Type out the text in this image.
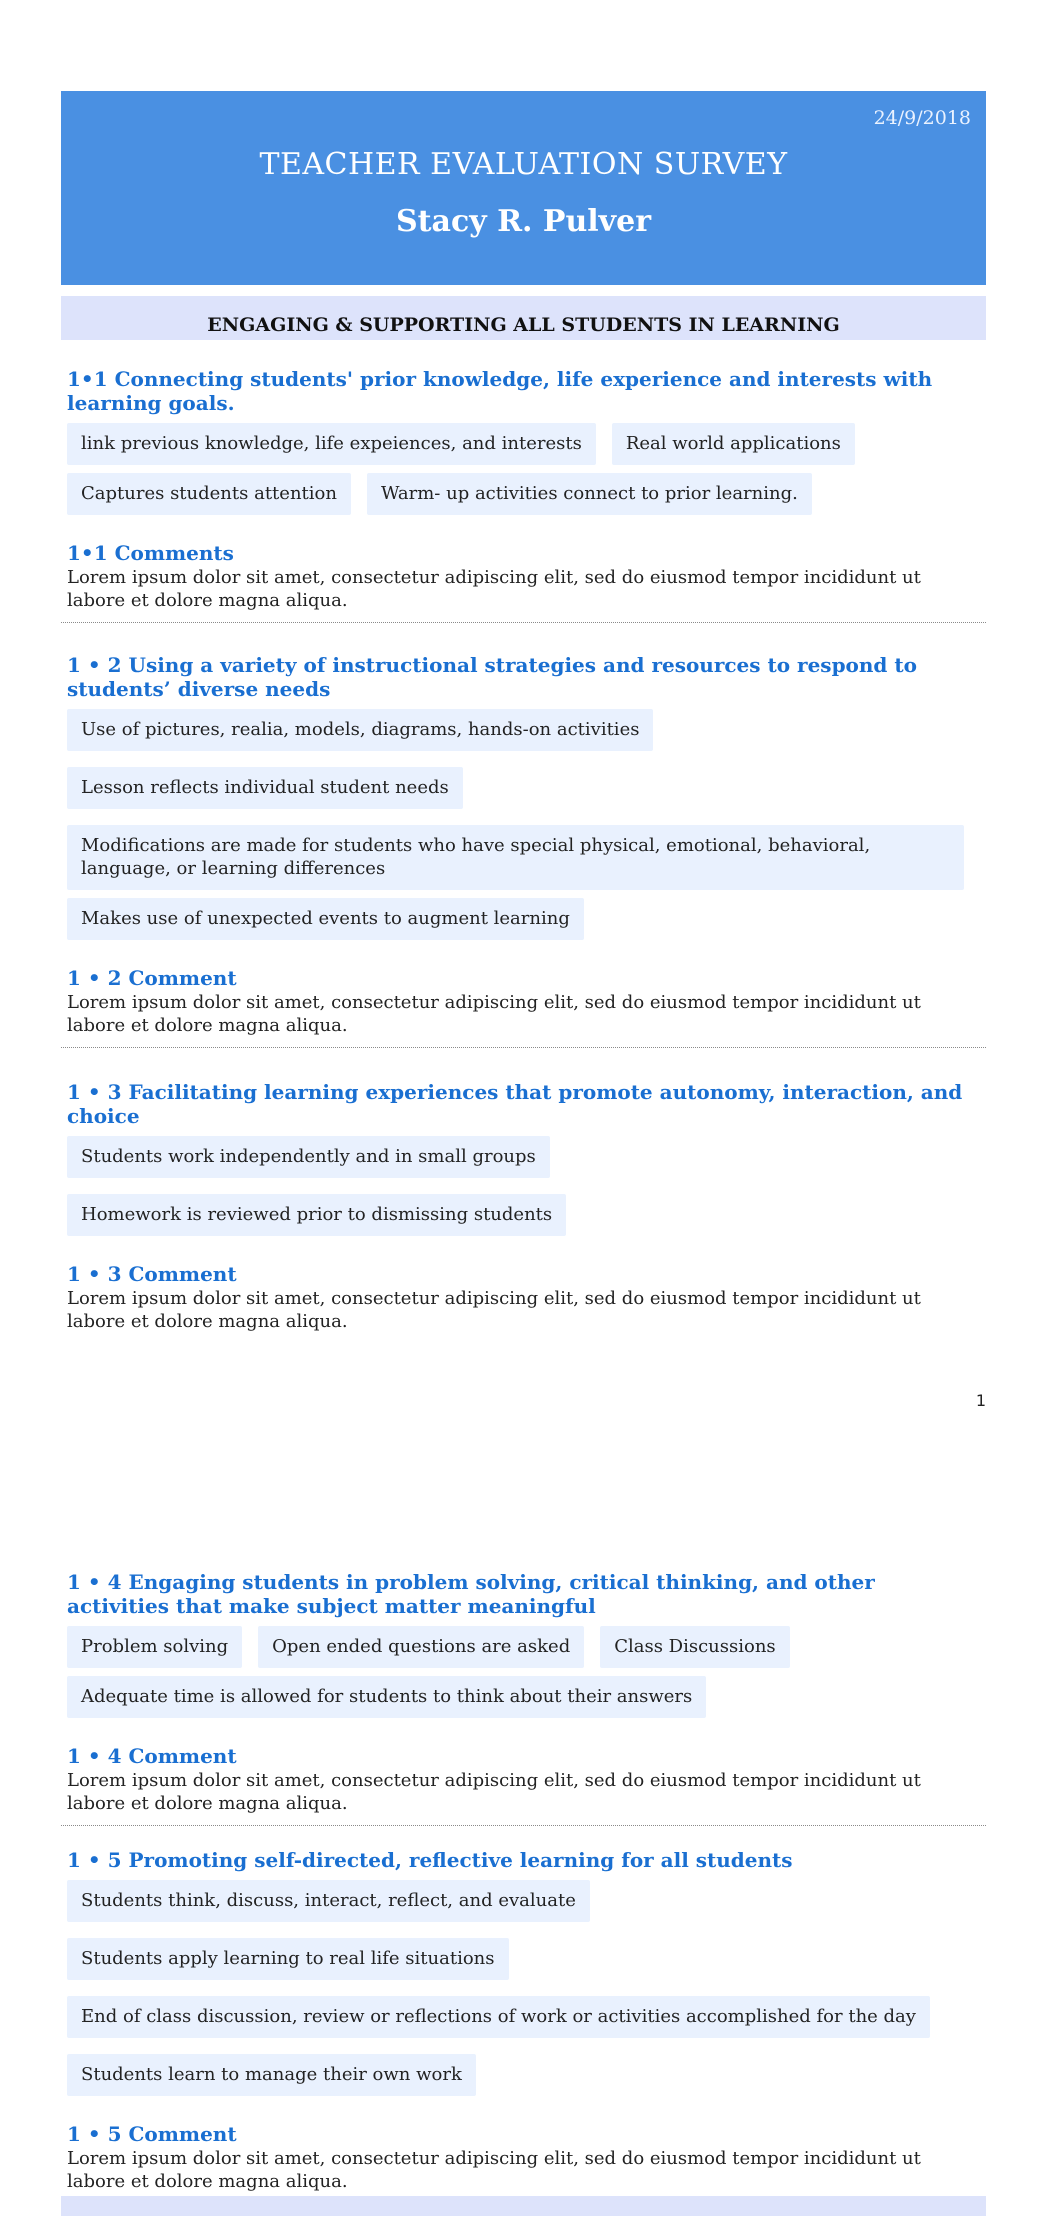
24/9/2018
TEACHER EVALUATION SURVEY
Stacy R. Pulver
ENGAGING & SUPPORTING ALL STUDENTS IN LEARNING
1•1 Connecting students' prior knowledge, life experience and interests with learning goals.
link previous knowledge, life expeiences, and interests	Real world applications
Captures students attention	Warm- up activities connect to prior learning.
1•1 Comments
Lorem ipsum dolor sit amet, consectetur adipiscing elit, sed do eiusmod tempor incididunt ut labore et dolore magna aliqua.
1 • 2 Using a variety of instructional strategies and resources to respond to students’ diverse needs
Use of pictures, realia, models, diagrams, hands-on activities
Lesson reflects individual student needs
Modifications are made for students who have special physical, emotional, behavioral, language, or learning differences
Makes use of unexpected events to augment learning
1 • 2 Comment
Lorem ipsum dolor sit amet, consectetur adipiscing elit, sed do eiusmod tempor incididunt ut labore et dolore magna aliqua.
1 • 3 Facilitating learning experiences that promote autonomy, interaction, and choice
Students work independently and in small groups
Homework is reviewed prior to dismissing students
1 • 3 Comment
Lorem ipsum dolor sit amet, consectetur adipiscing elit, sed do eiusmod tempor incididunt ut labore et dolore magna aliqua.
1
1 • 4 Engaging students in problem solving, critical thinking, and other activities that make subject matter meaningful
Problem solving	Open ended questions are asked	Class Discussions
Adequate time is allowed for students to think about their answers
1 • 4 Comment
Lorem ipsum dolor sit amet, consectetur adipiscing elit, sed do eiusmod tempor incididunt ut labore et dolore magna aliqua.
1 • 5 Promoting self-directed, reflective learning for all students
Students think, discuss, interact, reflect, and evaluate
Students apply learning to real life situations
End of class discussion, review or reflections of work or activities accomplished for the day
Students learn to manage their own work
1 • 5 Comment
Lorem ipsum dolor sit amet, consectetur adipiscing elit, sed do eiusmod tempor incididunt ut labore et dolore magna aliqua.
